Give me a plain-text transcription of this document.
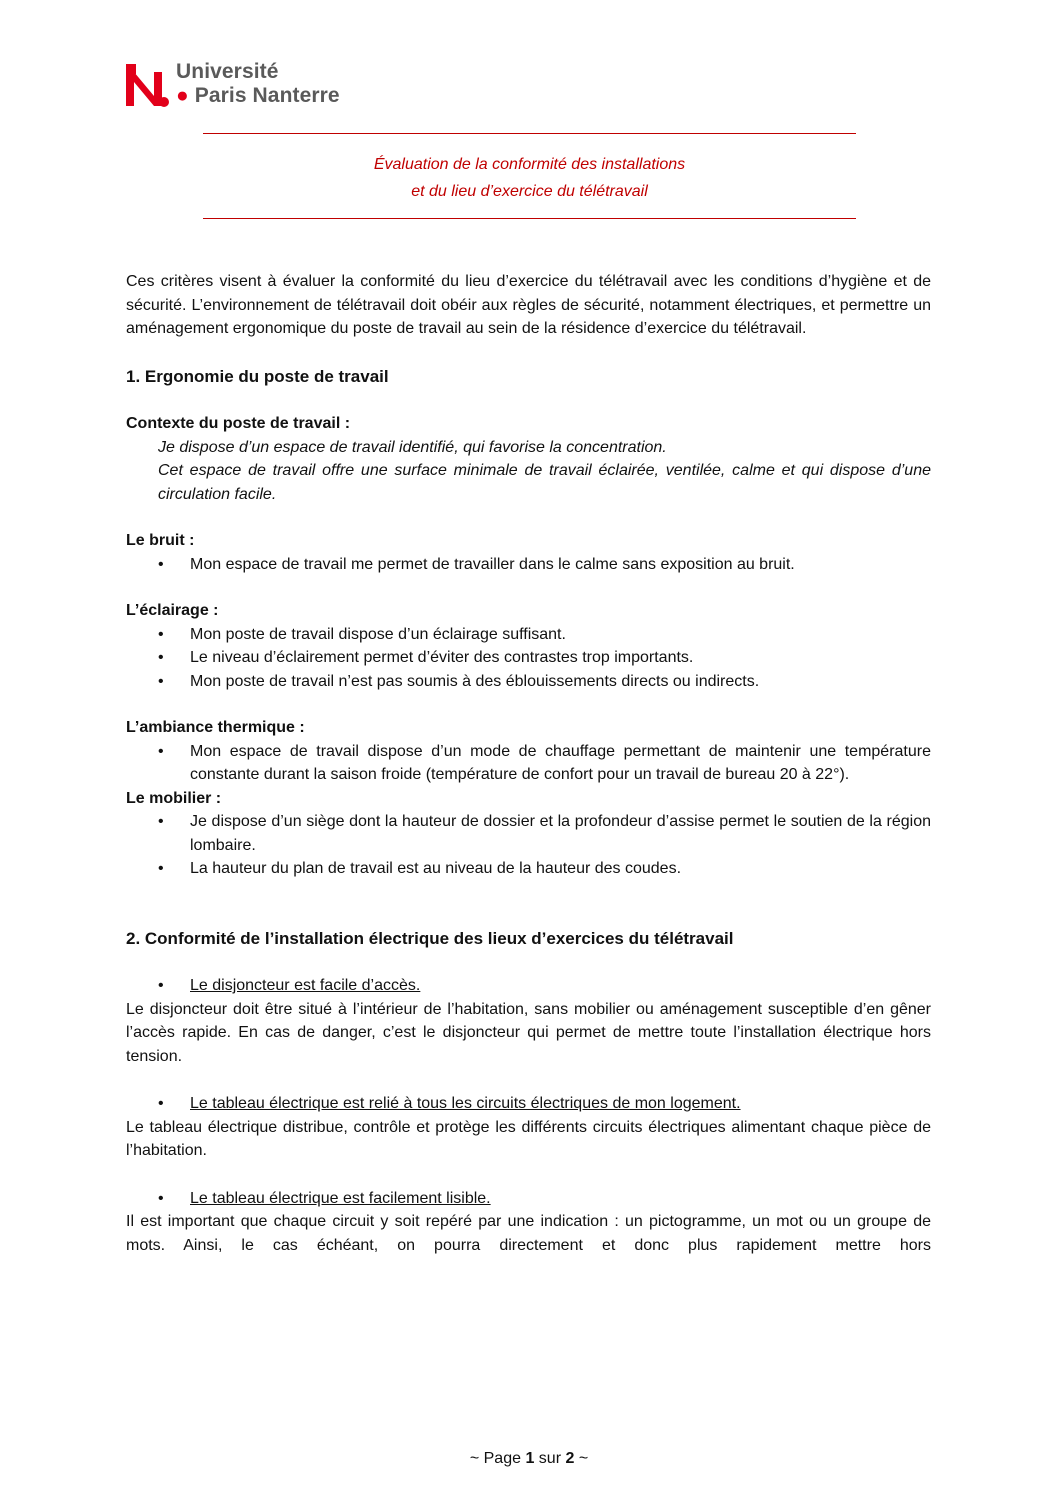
Université
● Paris Nanterre
Évaluation de la conformité des installations
et du lieu d’exercice du télétravail

Ces critères visent à évaluer la conformité du lieu d’exercice du télétravail avec les conditions d’hygiène et de sécurité. L’environnement de télétravail doit obéir aux règles de sécurité, notamment électriques, et permettre un aménagement ergonomique du poste de travail au sein de la résidence d’exercice du télétravail.

1. Ergonomie du poste de travail

Contexte du poste de travail :

Je dispose d’un espace de travail identifié, qui favorise la concentration.

Cet espace de travail offre une surface minimale de travail éclairée, ventilée, calme et qui dispose d’une circulation facile.

Le bruit :

• Mon espace de travail me permet de travailler dans le calme sans exposition au bruit.

L’éclairage :

• Mon poste de travail dispose d’un éclairage suffisant.
• Le niveau d’éclairement permet d’éviter des contrastes trop importants.
• Mon poste de travail n’est pas soumis à des éblouissements directs ou indirects.

L’ambiance thermique :

• Mon espace de travail dispose d’un mode de chauffage permettant de maintenir une température constante durant la saison froide (température de confort pour un travail de bureau 20 à 22°).

Le mobilier :

• Je dispose d’un siège dont la hauteur de dossier et la profondeur d’assise permet le soutien de la région lombaire.
• La hauteur du plan de travail est au niveau de la hauteur des coudes.

2. Conformité de l’installation électrique des lieux d’exercices du télétravail

• Le disjoncteur est facile d’accès.

Le disjoncteur doit être situé à l’intérieur de l’habitation, sans mobilier ou aménagement susceptible d’en gêner l’accès rapide. En cas de danger, c’est le disjoncteur qui permet de mettre toute l’installation électrique hors tension.

• Le tableau électrique est relié à tous les circuits électriques de mon logement.

Le tableau électrique distribue, contrôle et protège les différents circuits électriques alimentant chaque pièce de l’habitation.

• Le tableau électrique est facilement lisible.

Il est important que chaque circuit y soit repéré par une indication : un pictogramme, un mot ou un groupe de mots. Ainsi, le cas échéant, on pourra directement et donc plus rapidement mettre hors

~ Page 1 sur 2 ~
